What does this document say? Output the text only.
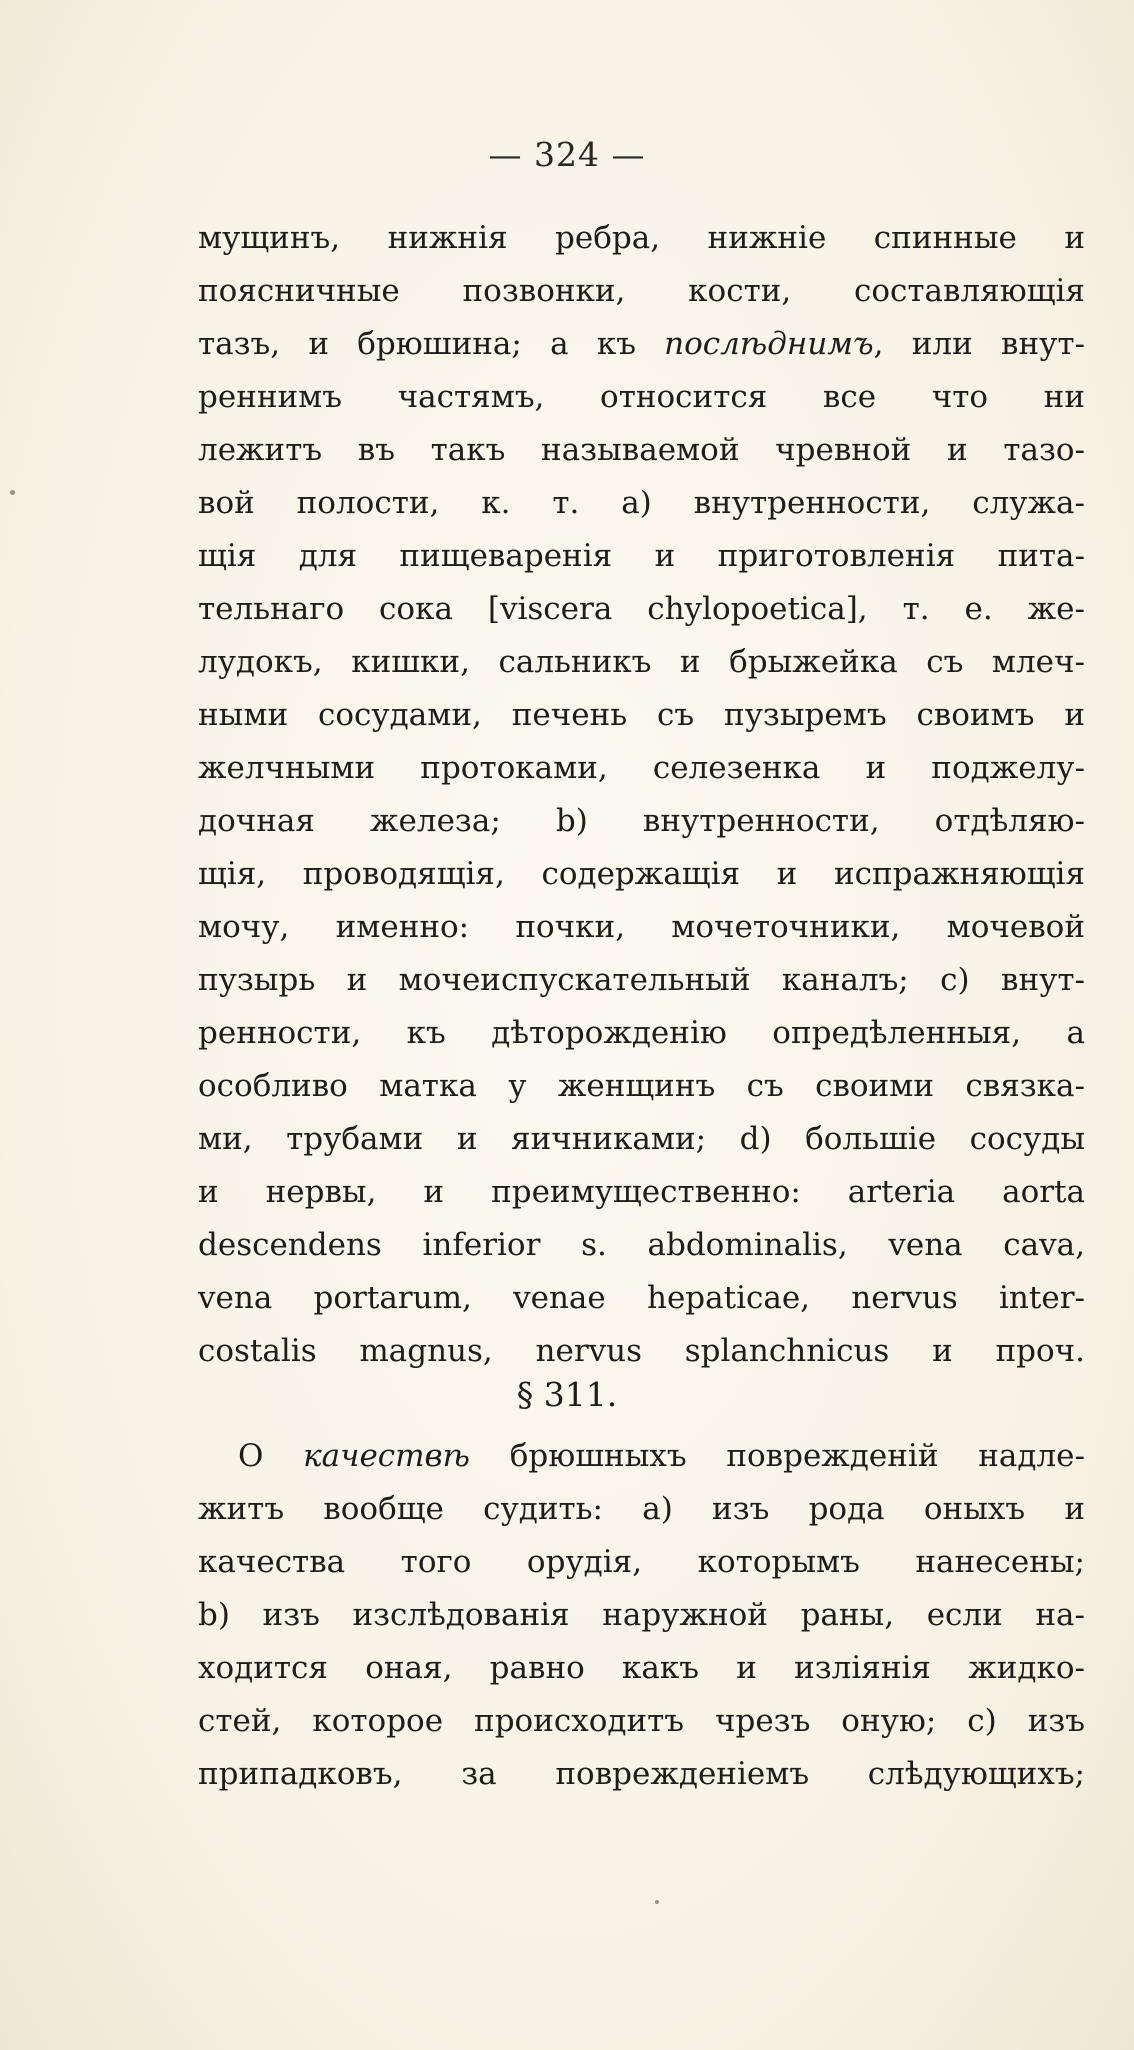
— 324 —
мущинъ, нижнія ребра, нижніе спинные и
поясничные позвонки, кости, составляющія
тазъ, и брюшина; а къ послѣднимъ, или внут-
реннимъ частямъ, относится все что ни
лежитъ въ такъ называемой чревной и тазо-
вой полости, к. т. a) внутренности, служа-
щія для пищеваренія и приготовленія пита-
тельнаго сока [viscera chylopoetica], т. е. же-
лудокъ, кишки, сальникъ и брыжейка съ млеч-
ными сосудами, печень съ пузыремъ своимъ и
желчными протоками, селезенка и поджелу-
дочная железа; b) внутренности, отдѣляю-
щія, проводящія, содержащія и испражняющія
мочу, именно: почки, мочеточники, мочевой
пузырь и мочеиспускательный каналъ; c) внут-
ренности, къ дѣторожденію опредѣленныя, а
особливо матка у женщинъ съ своими связка-
ми, трубами и яичниками; d) большіе сосуды
и нервы, и преимущественно: arteria aorta
descendens inferior s. abdominalis, vena cava,
vena portarum, venae hepaticae, nervus inter-
costalis magnus, nervus splanchnicus и проч.
§ 311.
О качествѣ брюшныхъ поврежденій надле-
житъ вообще судить: a) изъ рода оныхъ и
качества того орудія, которымъ нанесены;
b) изъ изслѣдованія наружной раны, если на-
ходится оная, равно какъ и изліянія жидко-
стей, которое происходитъ чрезъ оную; c) изъ
припадковъ, за поврежденіемъ слѣдующихъ;
